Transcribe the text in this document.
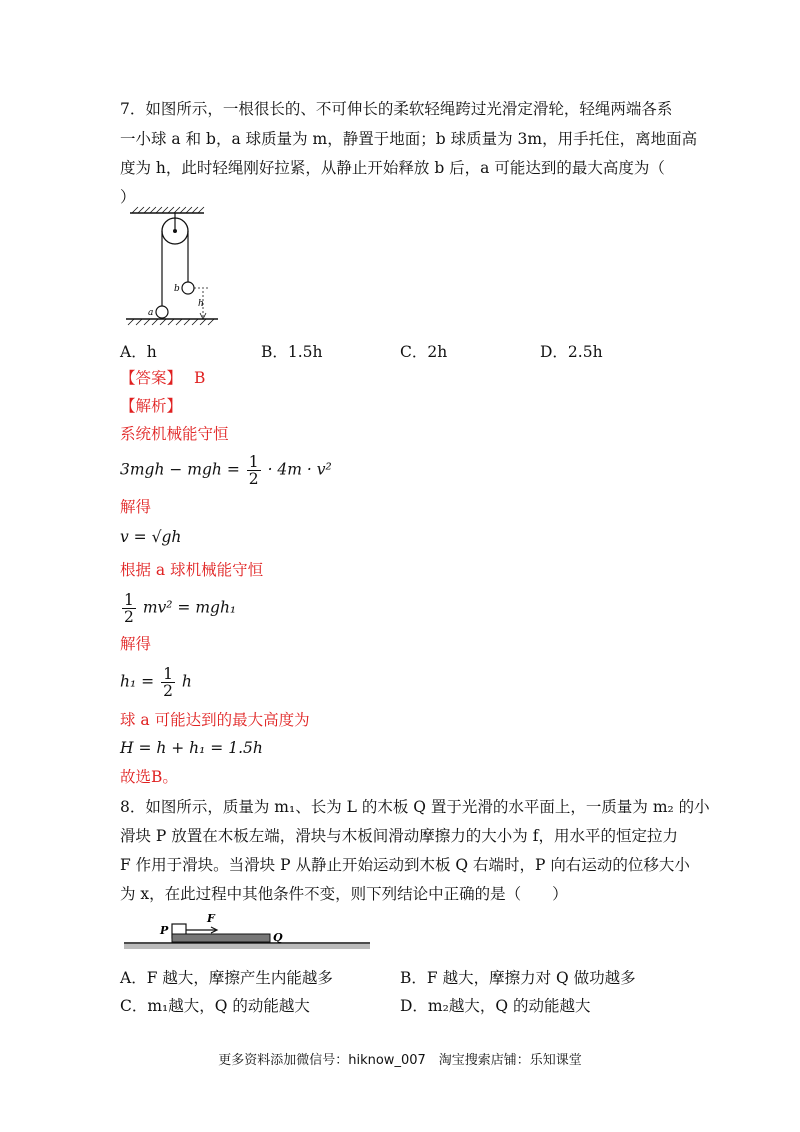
7．如图所示，一根很长的、不可伸长的柔软轻绳跨过光滑定滑轮，轻绳两端各系
一小球 a 和 b，a 球质量为 m，静置于地面；b 球质量为 3m，用手托住，离地面高
度为 h，此时轻绳刚好拉紧，从静止开始释放 b 后，a 可能达到的最大高度为（
）
b
a
h
A．h	B．1.5h	C．2h	D．2.5h
【答案】 B
【解析】
系统机械能守恒
3mgh − mgh = $\frac{1}{2} \cdot 4m \cdot v^2$
解得
v = √gh
根据 a 球机械能守恒
$\frac{1}{2} mv^2 = mgh_1$
解得
$h_1 = \frac{1}{2}$ h
球 a 可能达到的最大高度为
H = h + h₁ = 1.5h
故选B。
8．如图所示，质量为 m₁、长为 L 的木板 Q 置于光滑的水平面上，一质量为 m₂ 的小
滑块 P 放置在木板左端，滑块与木板间滑动摩擦力的大小为 f，用水平的恒定拉力
F 作用于滑块。当滑块 P 从静止开始运动到木板 Q 右端时，P 向右运动的位移大小
为 x，在此过程中其他条件不变，则下列结论中正确的是（　　）
P
F
Q
A．F 越大，摩擦产生内能越多	B．F 越大，摩擦力对 Q 做功越多
C．m₁越大，Q 的动能越大	D．m₂越大，Q 的动能越大
更多资料添加微信号：hiknow_007　淘宝搜索店铺：乐知课堂
